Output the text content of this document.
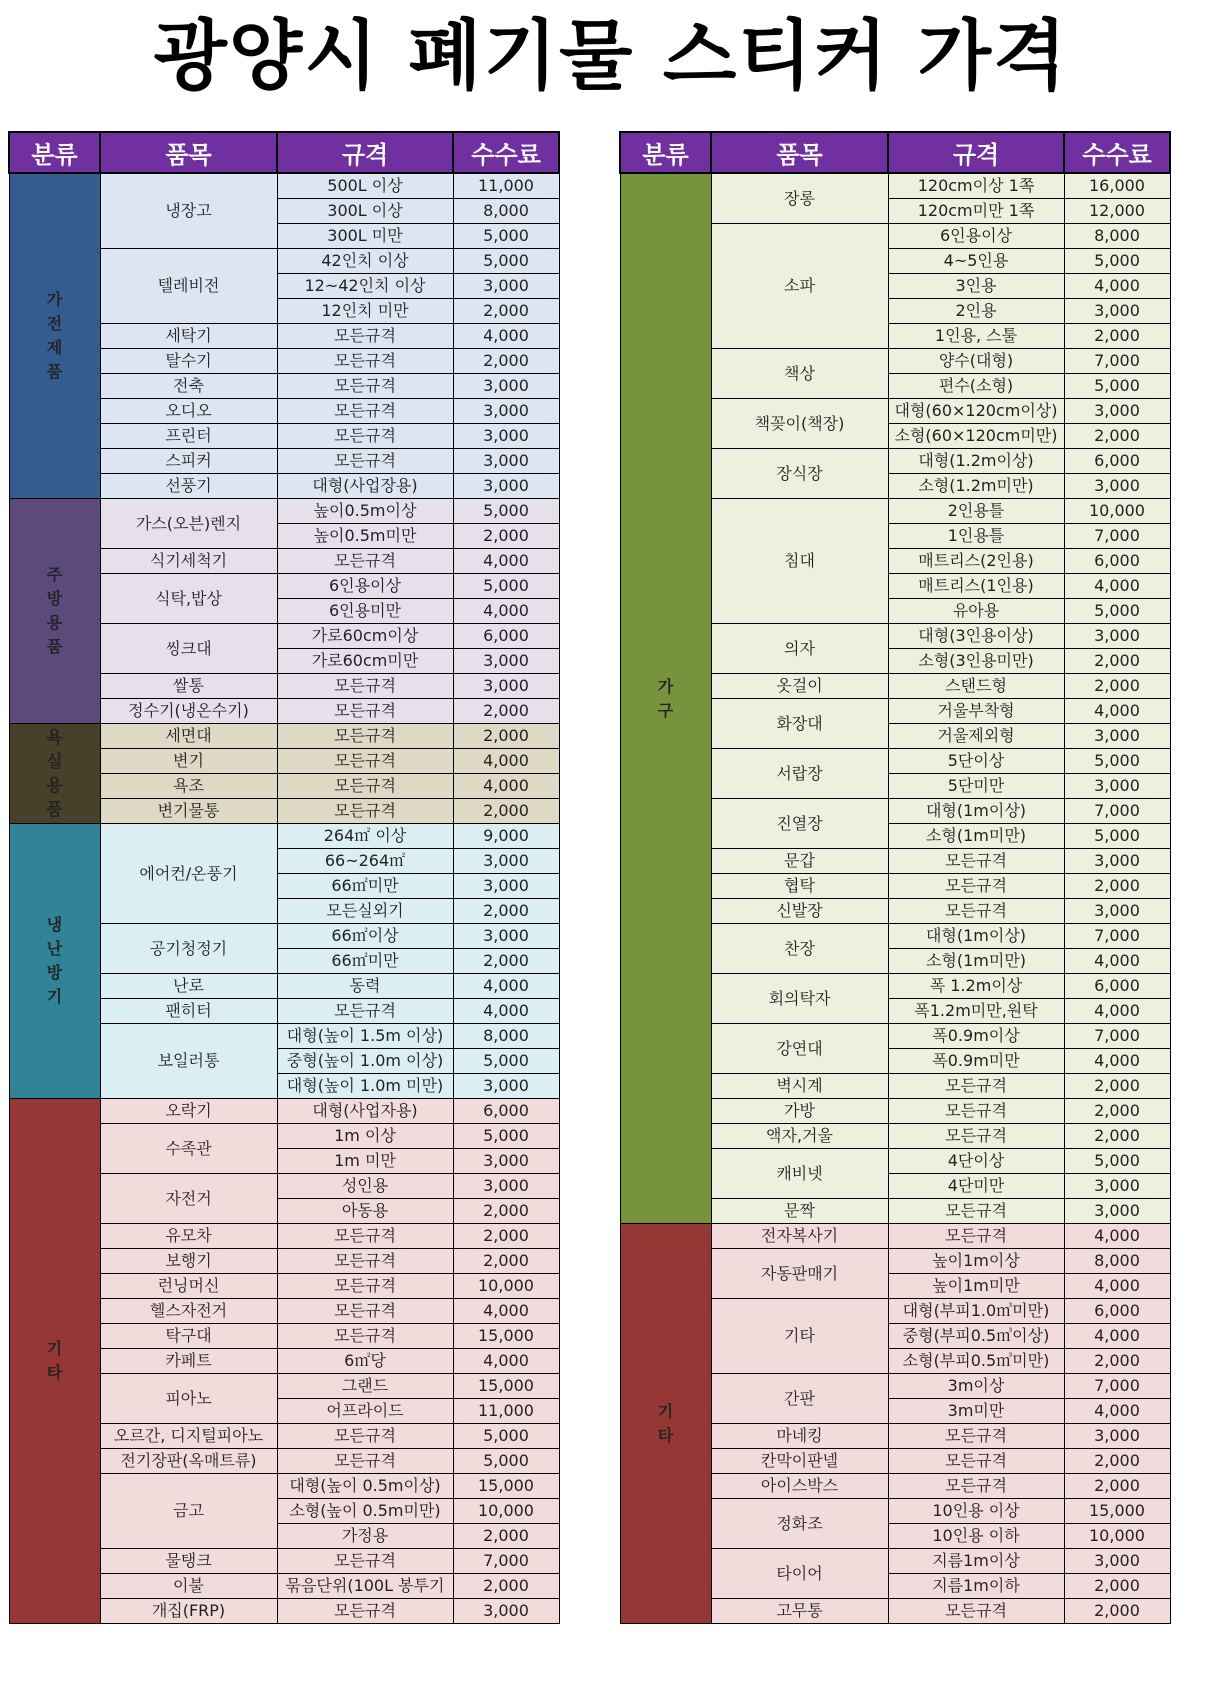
광양시 폐기물 스티커 가격
분류	품목	규격	수수료
가전제품	냉장고	500L 이상	11,000
		300L 이상	8,000
		300L 미만	5,000
	텔레비전	42인치 이상	5,000
		12~42인치 이상	3,000
		12인치 미만	2,000
	세탁기	모든규격	4,000
	탈수기	모든규격	2,000
	전축	모든규격	3,000
	오디오	모든규격	3,000
	프린터	모든규격	3,000
	스피커	모든규격	3,000
	선풍기	대형(사업장용)	3,000
주방용품	가스(오븐)렌지	높이0.5m이상	5,000
		높이0.5m미만	2,000
	식기세척기	모든규격	4,000
	식탁,밥상	6인용이상	5,000
		6인용미만	4,000
	씽크대	가로60cm이상	6,000
		가로60cm미만	3,000
	쌀통	모든규격	3,000
	정수기(냉온수기)	모든규격	2,000
욕실용품	세면대	모든규격	2,000
	변기	모든규격	4,000
	욕조	모든규격	4,000
	변기물통	모든규격	2,000
냉난방기	에어컨/온풍기	264㎡ 이상	9,000
		66~264㎡	3,000
		66㎡미만	3,000
		모든실외기	2,000
	공기청정기	66㎡이상	3,000
		66㎡미만	2,000
	난로	동력	4,000
	팬히터	모든규격	4,000
	보일러통	대형(높이 1.5m 이상)	8,000
		중형(높이 1.0m 이상)	5,000
		대형(높이 1.0m 미만)	3,000
기타	오락기	대형(사업자용)	6,000
	수족관	1m 이상	5,000
		1m 미만	3,000
	자전거	성인용	3,000
		아동용	2,000
	유모차	모든규격	2,000
	보행기	모든규격	2,000
	런닝머신	모든규격	10,000
	헬스자전거	모든규격	4,000
	탁구대	모든규격	15,000
	카페트	6㎡당	4,000
	피아노	그랜드	15,000
		어프라이드	11,000
	오르간, 디지털피아노	모든규격	5,000
	전기장판(옥매트류)	모든규격	5,000
	금고	대형(높이 0.5m이상)	15,000
		소형(높이 0.5m미만)	10,000
		가정용	2,000
	물탱크	모든규격	7,000
	이불	묶음단위(100L 봉투기	2,000
	개집(FRP)	모든규격	3,000
분류	품목	규격	수수료
가구	장롱	120cm이상 1쪽	16,000
		120cm미만 1쪽	12,000
	소파	6인용이상	8,000
		4~5인용	5,000
		3인용	4,000
		2인용	3,000
		1인용, 스툴	2,000
	책상	양수(대형)	7,000
		편수(소형)	5,000
	책꽂이(책장)	대형(60×120cm이상)	3,000
		소형(60×120cm미만)	2,000
	장식장	대형(1.2m이상)	6,000
		소형(1.2m미만)	3,000
	침대	2인용틀	10,000
		1인용틀	7,000
		매트리스(2인용)	6,000
		매트리스(1인용)	4,000
		유아용	5,000
	의자	대형(3인용이상)	3,000
		소형(3인용미만)	2,000
	옷걸이	스탠드형	2,000
	화장대	거울부착형	4,000
		거울제외형	3,000
	서랍장	5단이상	5,000
		5단미만	3,000
	진열장	대형(1m이상)	7,000
		소형(1m미만)	5,000
	문갑	모든규격	3,000
	협탁	모든규격	2,000
	신발장	모든규격	3,000
	찬장	대형(1m이상)	7,000
		소형(1m미만)	4,000
	회의탁자	폭 1.2m이상	6,000
		폭1.2m미만,원탁	4,000
	강연대	폭0.9m이상	7,000
		폭0.9m미만	4,000
	벽시계	모든규격	2,000
	가방	모든규격	2,000
	액자,거울	모든규격	2,000
	캐비넷	4단이상	5,000
		4단미만	3,000
	문짝	모든규격	3,000
기타	전자복사기	모든규격	4,000
	자동판매기	높이1m이상	8,000
		높이1m미만	4,000
	기타	대형(부피1.0㎥미만)	6,000
		중형(부피0.5㎥이상)	4,000
		소형(부피0.5㎥미만)	2,000
	간판	3m이상	7,000
		3m미만	4,000
	마네킹	모든규격	3,000
	칸막이판넬	모든규격	2,000
	아이스박스	모든규격	2,000
	정화조	10인용 이상	15,000
		10인용 이하	10,000
	타이어	지름1m이상	3,000
		지름1m이하	2,000
	고무통	모든규격	2,000
